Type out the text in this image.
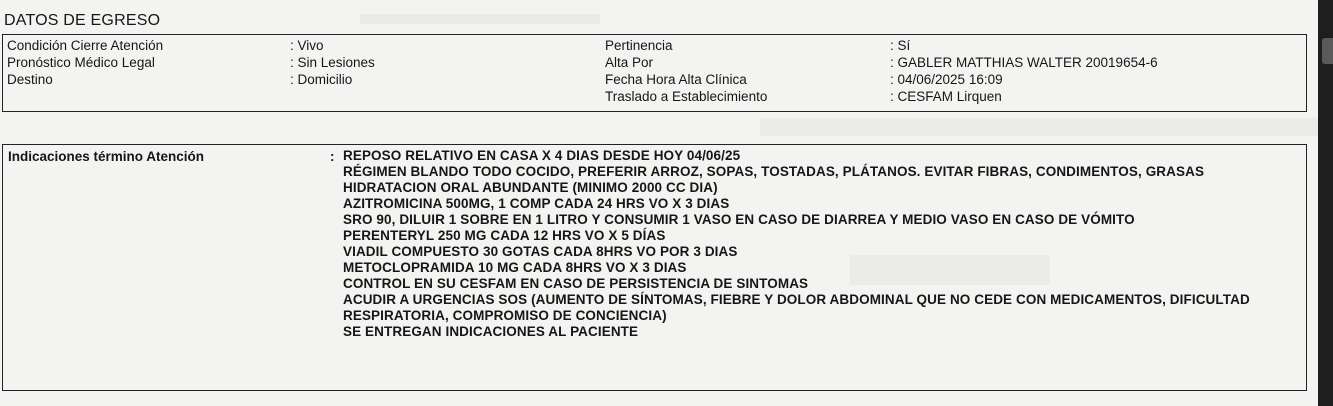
DATOS DE EGRESO
Condición Cierre Atención	: Vivo
Pronóstico Médico Legal	: Sin Lesiones
Destino	: Domicilio
Pertinencia	: Sí
Alta Por	: GABLER MATTHIAS WALTER 20019654-6
Fecha Hora Alta Clínica	: 04/06/2025 16:09
Traslado a Establecimiento	: CESFAM Lirquen
Indicaciones término Atención	: REPOSO RELATIVO EN CASA X 4 DIAS DESDE HOY 04/06/25
RÉGIMEN BLANDO TODO COCIDO, PREFERIR ARROZ, SOPAS, TOSTADAS, PLÁTANOS. EVITAR FIBRAS, CONDIMENTOS, GRASAS
HIDRATACION ORAL ABUNDANTE (MINIMO 2000 CC DIA)
AZITROMICINA 500MG, 1 COMP CADA 24 HRS VO X 3 DIAS
SRO 90, DILUIR 1 SOBRE EN 1 LITRO Y CONSUMIR 1 VASO EN CASO DE DIARREA Y MEDIO VASO EN CASO DE VÓMITO
PERENTERYL 250 MG CADA 12 HRS VO X 5 DÍAS
VIADIL COMPUESTO 30 GOTAS CADA 8HRS VO POR 3 DIAS
METOCLOPRAMIDA 10 MG CADA 8HRS VO X 3 DIAS
CONTROL EN SU CESFAM EN CASO DE PERSISTENCIA DE SINTOMAS
ACUDIR A URGENCIAS SOS (AUMENTO DE SÍNTOMAS, FIEBRE Y DOLOR ABDOMINAL QUE NO CEDE CON MEDICAMENTOS, DIFICULTAD RESPIRATORIA, COMPROMISO DE CONCIENCIA)
SE ENTREGAN INDICACIONES AL PACIENTE
